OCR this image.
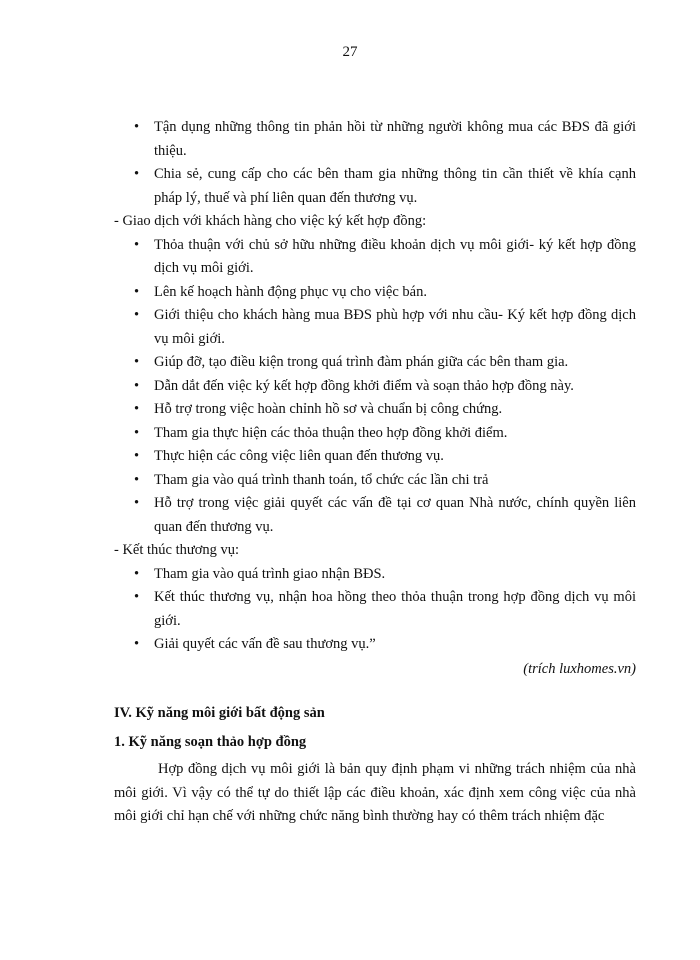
27
• Tận dụng những thông tin phản hồi từ những người không mua các BĐS đã giới thiệu.
• Chia sẻ, cung cấp cho các bên tham gia những thông tin cần thiết về khía cạnh pháp lý, thuế và phí liên quan đến thương vụ.

- Giao dịch với khách hàng cho việc ký kết hợp đồng:

• Thỏa thuận với chủ sở hữu những điều khoản dịch vụ môi giới- ký kết hợp đồng dịch vụ môi giới.
• Lên kế hoạch hành động phục vụ cho việc bán.
• Giới thiệu cho khách hàng mua BĐS phù hợp với nhu cầu- Ký kết hợp đồng dịch vụ môi giới.
• Giúp đỡ, tạo điều kiện trong quá trình đàm phán giữa các bên tham gia.
• Dẫn dắt đến việc ký kết hợp đồng khởi điểm và soạn thảo hợp đồng này.
• Hỗ trợ trong việc hoàn chỉnh hồ sơ và chuẩn bị công chứng.
• Tham gia thực hiện các thỏa thuận theo hợp đồng khởi điểm.
• Thực hiện các công việc liên quan đến thương vụ.
• Tham gia vào quá trình thanh toán, tổ chức các lần chi trả
• Hỗ trợ trong việc giải quyết các vấn đề tại cơ quan Nhà nước, chính quyền liên quan đến thương vụ.

- Kết thúc thương vụ:

• Tham gia vào quá trình giao nhận BĐS.
• Kết thúc thương vụ, nhận hoa hồng theo thỏa thuận trong hợp đồng dịch vụ môi giới.
• Giải quyết các vấn đề sau thương vụ.”
(trích luxhomes.vn)
IV. Kỹ năng môi giới bất động sản
1. Kỹ năng soạn thảo hợp đồng

Hợp đồng dịch vụ môi giới là bản quy định phạm vi những trách nhiệm của nhà môi giới. Vì vậy có thể tự do thiết lập các điều khoản, xác định xem công việc của nhà môi giới chỉ hạn chế với những chức năng bình thường hay có thêm trách nhiệm đặc
